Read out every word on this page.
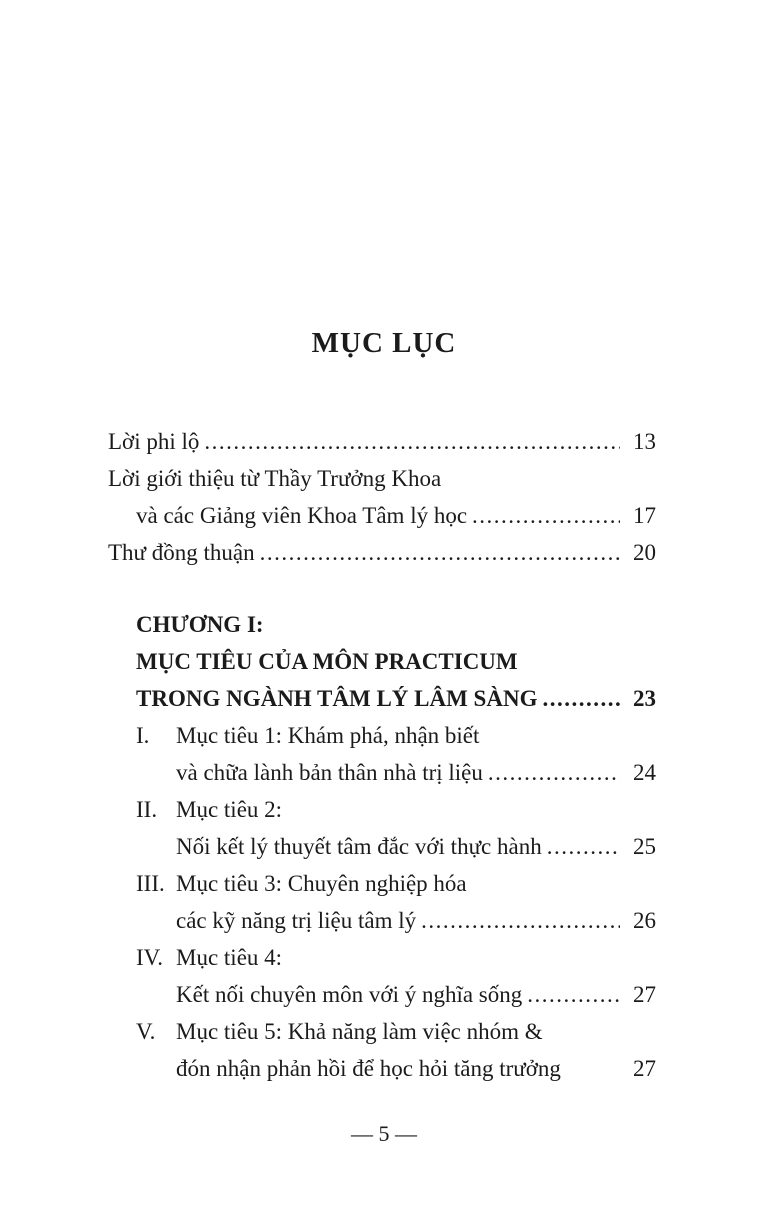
MỤC LỤC
Lời phi lộ .....	13
Lời giới thiệu từ Thầy Trưởng Khoa
và các Giảng viên Khoa Tâm lý học .....	17
Thư đồng thuận .....	20
CHƯƠNG I:
MỤC TIÊU CỦA MÔN PRACTICUM
TRONG NGÀNH TÂM LÝ LÂM SÀNG .....	23
I.	Mục tiêu 1: Khám phá, nhận biết
và chữa lành bản thân nhà trị liệu .....	24
II. Mục tiêu 2:
Nối kết lý thuyết tâm đắc với thực hành .....	25
III. Mục tiêu 3: Chuyên nghiệp hóa
các kỹ năng trị liệu tâm lý .....	26
IV. Mục tiêu 4:
Kết nối chuyên môn với ý nghĩa sống .....	27
V. Mục tiêu 5: Khả năng làm việc nhóm &
đón nhận phản hồi để học hỏi tăng trưởng	27
— 5 —
